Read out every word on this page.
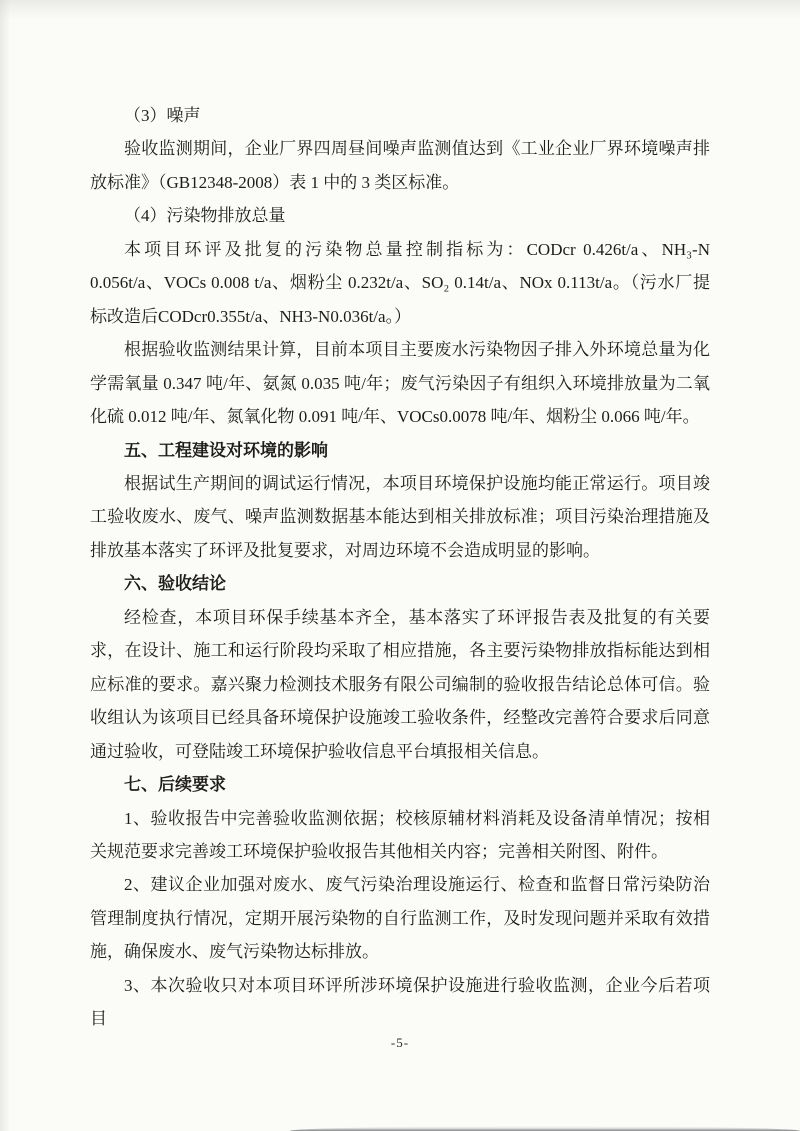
（3）噪声

验收监测期间，企业厂界四周昼间噪声监测值达到《工业企业厂界环境噪声排放标准》（GB12348-2008）表 1 中的 3 类区标准。

（4）污染物排放总量

本项目环评及批复的污染物总量控制指标为：CODcr 0.426t/a、NH₃-N 0.056t/a、VOCs 0.008 t/a、烟粉尘 0.232t/a、SO₂ 0.14t/a、NOx 0.113t/a。（污水厂提标改造后CODcr0.355t/a、NH3-N0.036t/a。）

根据验收监测结果计算，目前本项目主要废水污染物因子排入外环境总量为化学需氧量 0.347 吨/年、氨氮 0.035 吨/年；废气污染因子有组织入环境排放量为二氧化硫 0.012 吨/年、氮氧化物 0.091 吨/年、VOCs0.0078 吨/年、烟粉尘 0.066 吨/年。

五、工程建设对环境的影响

根据试生产期间的调试运行情况，本项目环境保护设施均能正常运行。项目竣工验收废水、废气、噪声监测数据基本能达到相关排放标准；项目污染治理措施及排放基本落实了环评及批复要求，对周边环境不会造成明显的影响。

六、验收结论

经检查，本项目环保手续基本齐全，基本落实了环评报告表及批复的有关要求，在设计、施工和运行阶段均采取了相应措施，各主要污染物排放指标能达到相应标准的要求。嘉兴聚力检测技术服务有限公司编制的验收报告结论总体可信。验收组认为该项目已经具备环境保护设施竣工验收条件，经整改完善符合要求后同意通过验收，可登陆竣工环境保护验收信息平台填报相关信息。

七、后续要求

1、验收报告中完善验收监测依据；校核原辅材料消耗及设备清单情况；按相关规范要求完善竣工环境保护验收报告其他相关内容；完善相关附图、附件。

2、建议企业加强对废水、废气污染治理设施运行、检查和监督日常污染防治管理制度执行情况，定期开展污染物的自行监测工作，及时发现问题并采取有效措施，确保废水、废气污染物达标排放。

3、本次验收只对本项目环评所涉环境保护设施进行验收监测，企业今后若项目

-5-
